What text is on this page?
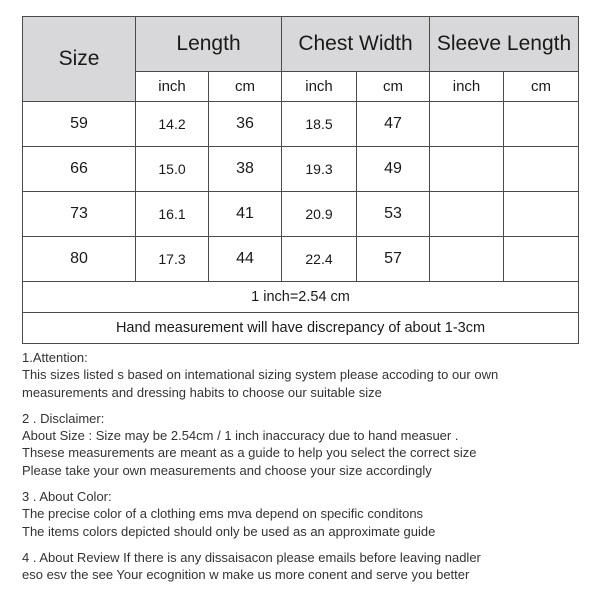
Size	Length		Chest Width		Sleeve Length	
	inch	cm	inch	cm	inch	cm
59	14.2	36	18.5	47		
66	15.0	38	19.3	49		
73	16.1	41	20.9	53		
80	17.3	44	22.4	57		
1 inch=2.54 cm						
Hand measurement will have discrepancy of about 1-3cm						

1.Attention:

This sizes listed s based on intemational sizing system please accoding to our own

measurements and dressing habits to choose our suitable size

2 . Disclaimer:

About Size : Size may be 2.54cm / 1 inch inaccuracy due to hand measuer .

Thsese measurements are meant as a guide to help you select the correct size

Please take your own measurements and choose your size accordingly

3 . About Color:

The precise color of a clothing ems mva depend on specific conditons

The items colors depicted should only be used as an approximate guide

4 . About Review If there is any dissaisacon please emails before leaving nadler

eso esv the see Your ecognition w make us more conent and serve you better
